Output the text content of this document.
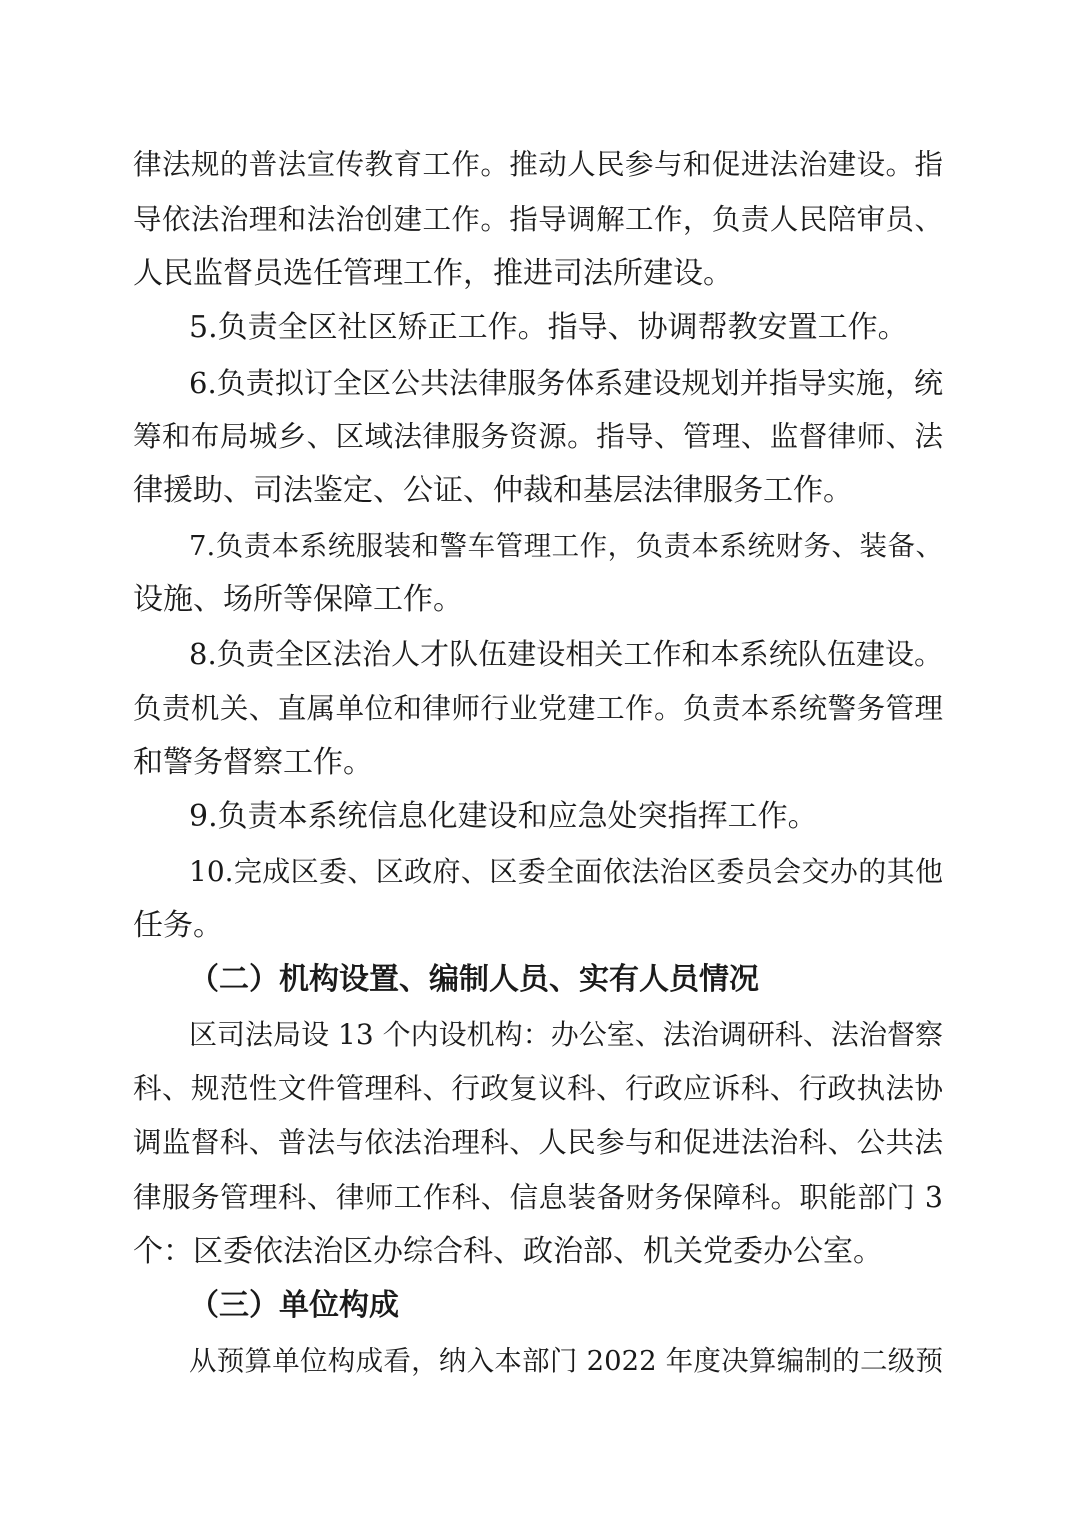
律法规的普法宣传教育工作。推动人民参与和促进法治建设。指
导依法治理和法治创建工作。指导调解工作，负责人民陪审员、
人民监督员选任管理工作，推进司法所建设。
5.负责全区社区矫正工作。指导、协调帮教安置工作。
6.负责拟订全区公共法律服务体系建设规划并指导实施，统
筹和布局城乡、区域法律服务资源。指导、管理、监督律师、法
律援助、司法鉴定、公证、仲裁和基层法律服务工作。
7.负责本系统服装和警车管理工作，负责本系统财务、装备、
设施、场所等保障工作。
8.负责全区法治人才队伍建设相关工作和本系统队伍建设。
负责机关、直属单位和律师行业党建工作。负责本系统警务管理
和警务督察工作。
9.负责本系统信息化建设和应急处突指挥工作。
10.完成区委、区政府、区委全面依法治区委员会交办的其他
任务。
（二）机构设置、编制人员、实有人员情况
区司法局设 13 个内设机构：办公室、法治调研科、法治督察
科、规范性文件管理科、行政复议科、行政应诉科、行政执法协
调监督科、普法与依法治理科、人民参与和促进法治科、公共法
律服务管理科、律师工作科、信息装备财务保障科。职能部门 3
个：区委依法治区办综合科、政治部、机关党委办公室。
（三）单位构成
从预算单位构成看，纳入本部门 2022 年度决算编制的二级预
